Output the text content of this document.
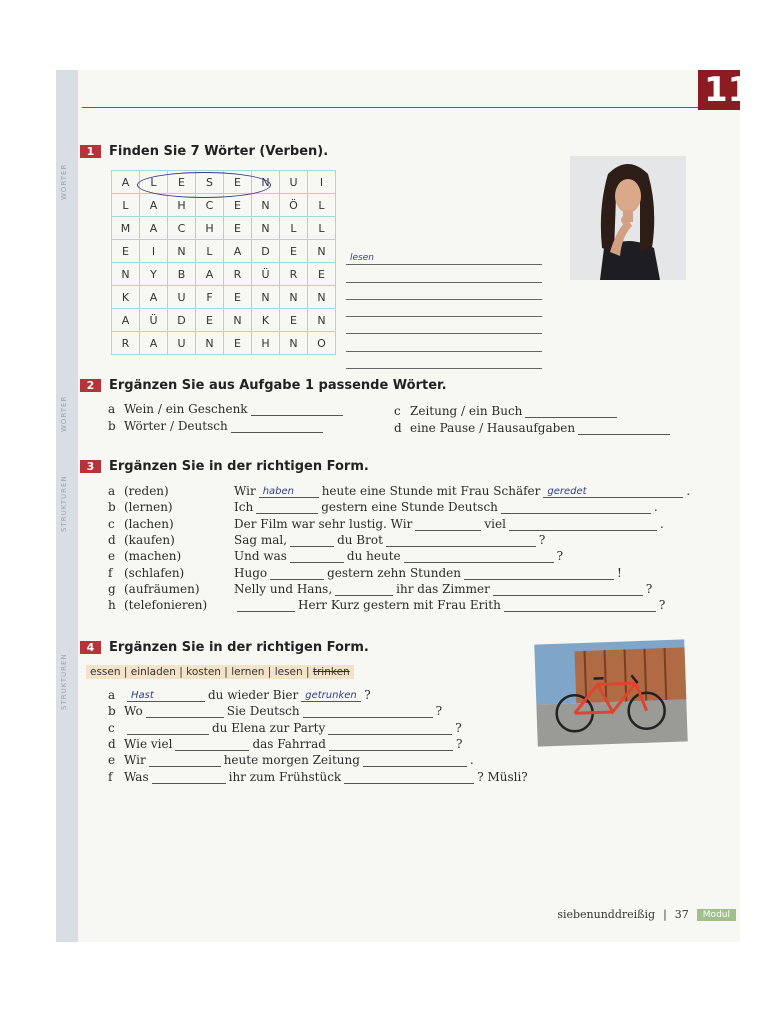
11
WÖRTER
WÖRTER
STRUKTUREN
STRUKTUREN
1	Finden Sie 7 Wörter (Verben).
A	L	E	S	E	N	U	I
L	A	H	C	E	N	Ö	L
M	A	C	H	E	N	L	L
E	I	N	L	A	D	E	N
N	Y	B	A	R	Ü	R	E
K	A	U	F	E	N	N	N
A	Ü	D	E	N	K	E	N
R	A	U	N	E	H	N	O
lesen
2	Ergänzen Sie aus Aufgabe 1 passende Wörter.
a Wein / ein Geschenk
b Wörter / Deutsch
c Zeitung / ein Buch
d eine Pause / Hausaufgaben
3	Ergänzen Sie in der richtigen Form.
a (reden)	Wir haben heute eine Stunde mit Frau Schäfer geredet	.
b (lernen)	Ich	gestern eine Stunde Deutsch	.
c (lachen)	Der Film war sehr lustig. Wir	viel	.
d (kaufen)	Sag mal,	du Brot	?
e (machen)	Und was	du heute	?
f (schlafen)	Hugo	gestern zehn Stunden	!
g (aufräumen)	Nelly und Hans,	ihr das Zimmer	?
h (telefonieren)	Herr Kurz gestern mit Frau Erith	?
4	Ergänzen Sie in der richtigen Form.
essen | einladen | kosten | lernen | lesen | trinken
a	Hast	du wieder Bier getrunken ?
b Wo	Sie Deutsch	?
c	du Elena zur Party	?
d Wie viel	das Fahrrad	?
e Wir	heute morgen Zeitung	.
f Was	ihr zum Frühstück	? Müsli?
siebenunddreißig | 37	Modul
